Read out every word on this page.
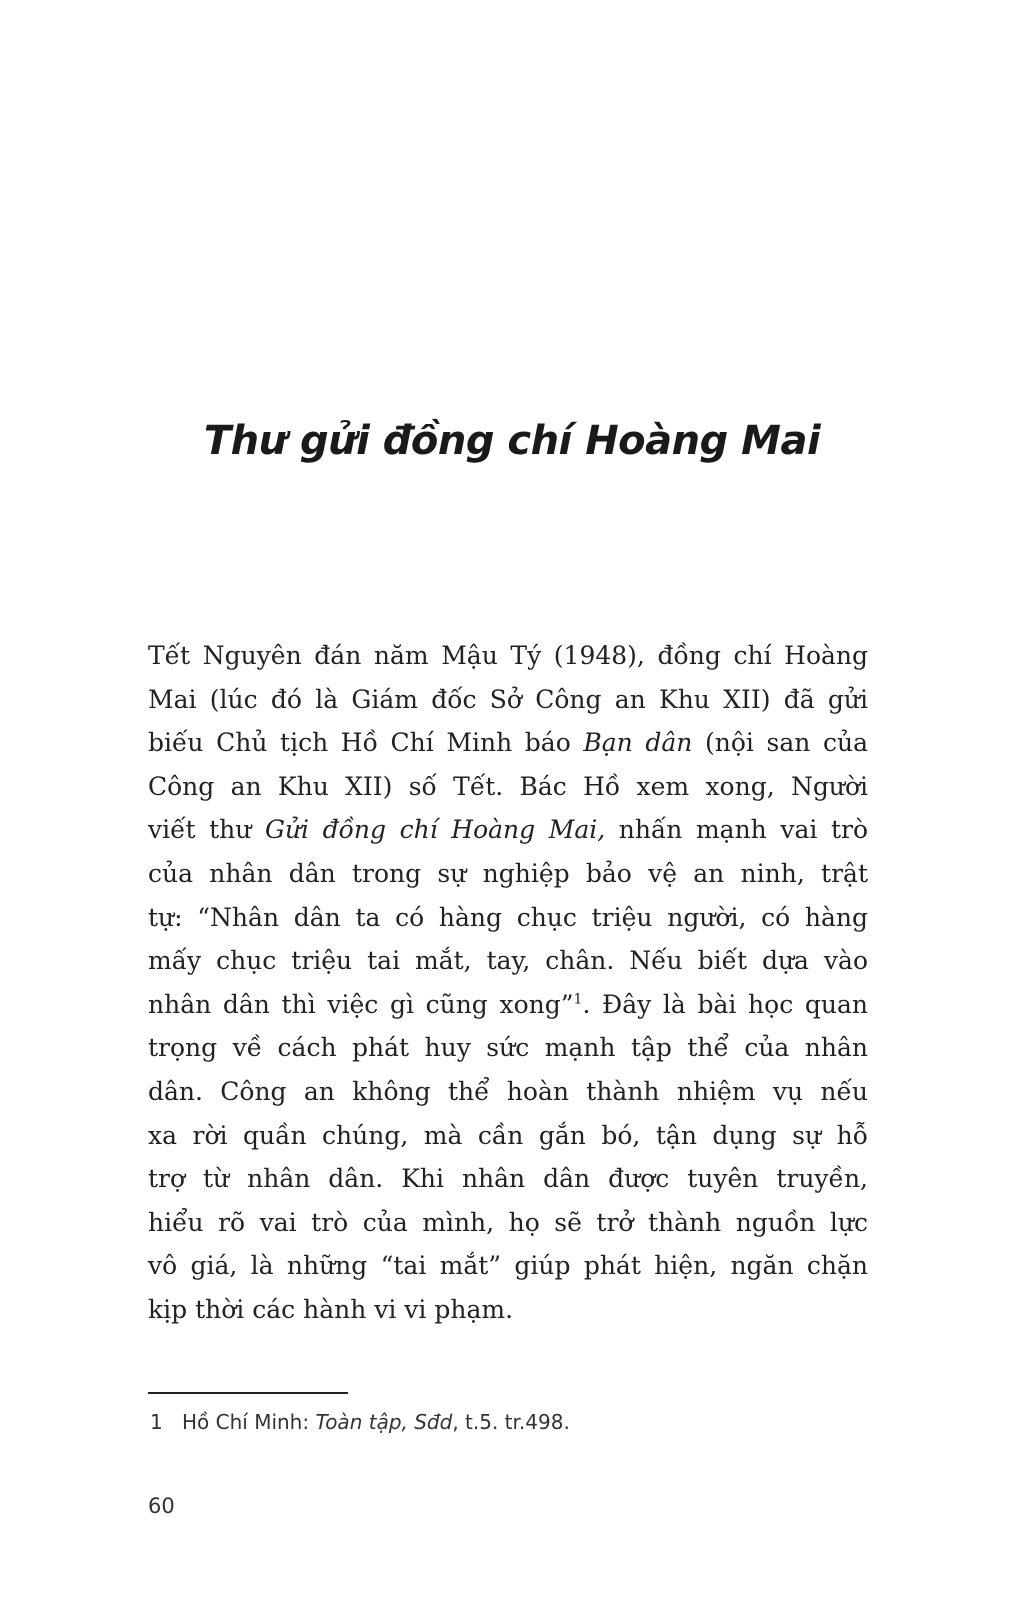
Thư gửi đồng chí Hoàng Mai
Tết Nguyên đán năm Mậu Tý (1948), đồng chí Hoàng
Mai (lúc đó là Giám đốc Sở Công an Khu XII) đã gửi
biếu Chủ tịch Hồ Chí Minh báo Bạn dân (nội san của
Công an Khu XII) số Tết. Bác Hồ xem xong, Người
viết thư Gửi đồng chí Hoàng Mai, nhấn mạnh vai trò
của nhân dân trong sự nghiệp bảo vệ an ninh, trật
tự: “Nhân dân ta có hàng chục triệu người, có hàng
mấy chục triệu tai mắt, tay, chân. Nếu biết dựa vào
nhân dân thì việc gì cũng xong”$^1$. Đây là bài học quan
trọng về cách phát huy sức mạnh tập thể của nhân
dân. Công an không thể hoàn thành nhiệm vụ nếu
xa rời quần chúng, mà cần gắn bó, tận dụng sự hỗ
trợ từ nhân dân. Khi nhân dân được tuyên truyền,
hiểu rõ vai trò của mình, họ sẽ trở thành nguồn lực
vô giá, là những “tai mắt” giúp phát hiện, ngăn chặn
kịp thời các hành vi vi phạm.
1 Hồ Chí Minh: Toàn tập, Sđd, t.5. tr.498.
60
